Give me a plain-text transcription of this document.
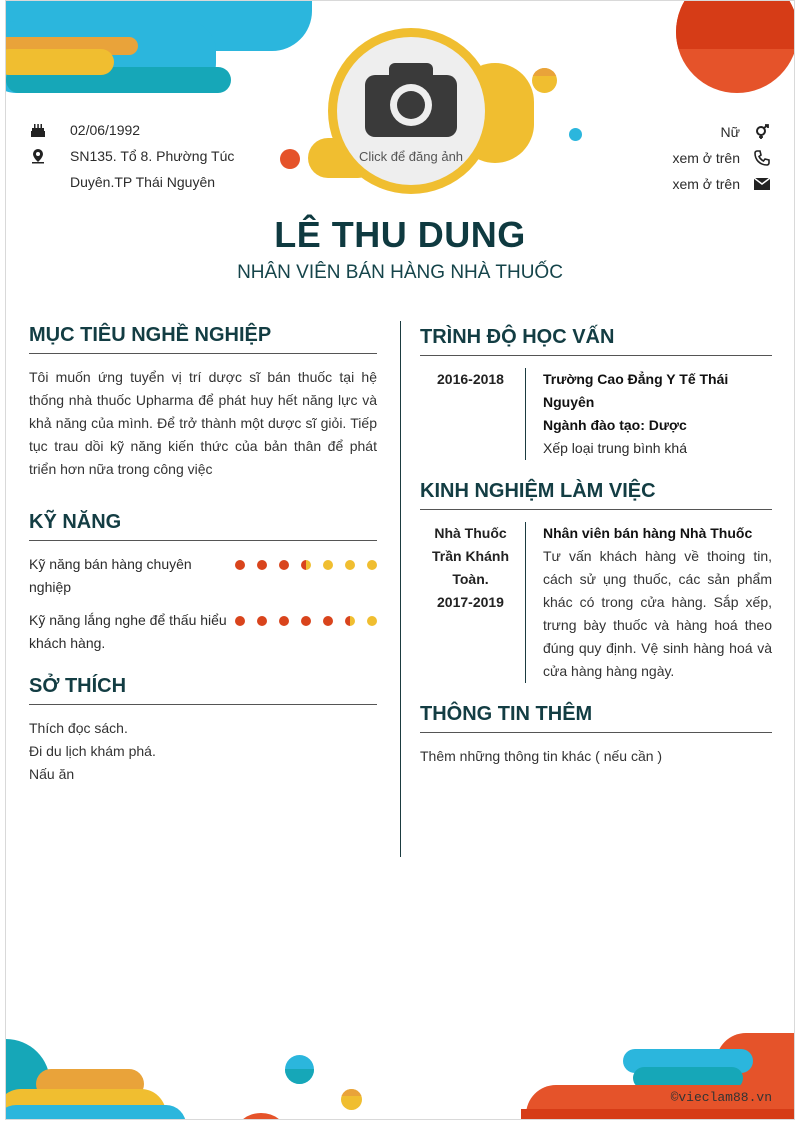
Click để đăng ảnh
02/06/1992
SN135. Tổ 8. Phường Túc
Duyên.TP Thái Nguyên
Nữ
xem ở trên
xem ở trên
LÊ THU DUNG
NHÂN VIÊN BÁN HÀNG NHÀ THUỐC
MỤC TIÊU NGHỀ NGHIỆP
Tôi muốn ứng tuyển vị trí dược sĩ bán thuốc tại hệ thống nhà thuốc Upharma để phát huy hết năng lực và khả năng của mình. Để trở thành một dược sĩ giỏi. Tiếp tục trau dồi kỹ năng kiến thức của bản thân để phát triển hơn nữa trong công việc
KỸ NĂNG
Kỹ năng bán hàng chuyên nghiệp
Kỹ năng lắng nghe để thấu hiểu khách hàng.
SỞ THÍCH
Thích đọc sách.
Đi du lịch khám phá.
Nấu ăn
TRÌNH ĐỘ HỌC VẤN
2016-2018	Trường Cao Đẳng Y Tế Thái Nguyên
Ngành đào tạo: Dược
Xếp loại trung bình khá
KINH NGHIỆM LÀM VIỆC
Nhà Thuốc
Trần Khánh
Toàn.
2017-2019
Nhân viên bán hàng Nhà Thuốc
Tư vấn khách hàng về thoing tin, cách sử ụng thuốc, các sản phẩm khác có trong cửa hàng. Sắp xếp, trưng bày thuốc và hàng hoá theo đúng quy định. Vệ sinh hàng hoá và cửa hàng hàng ngày.
THÔNG TIN THÊM
Thêm những thông tin khác ( nếu cần )
©vieclam88.vn
